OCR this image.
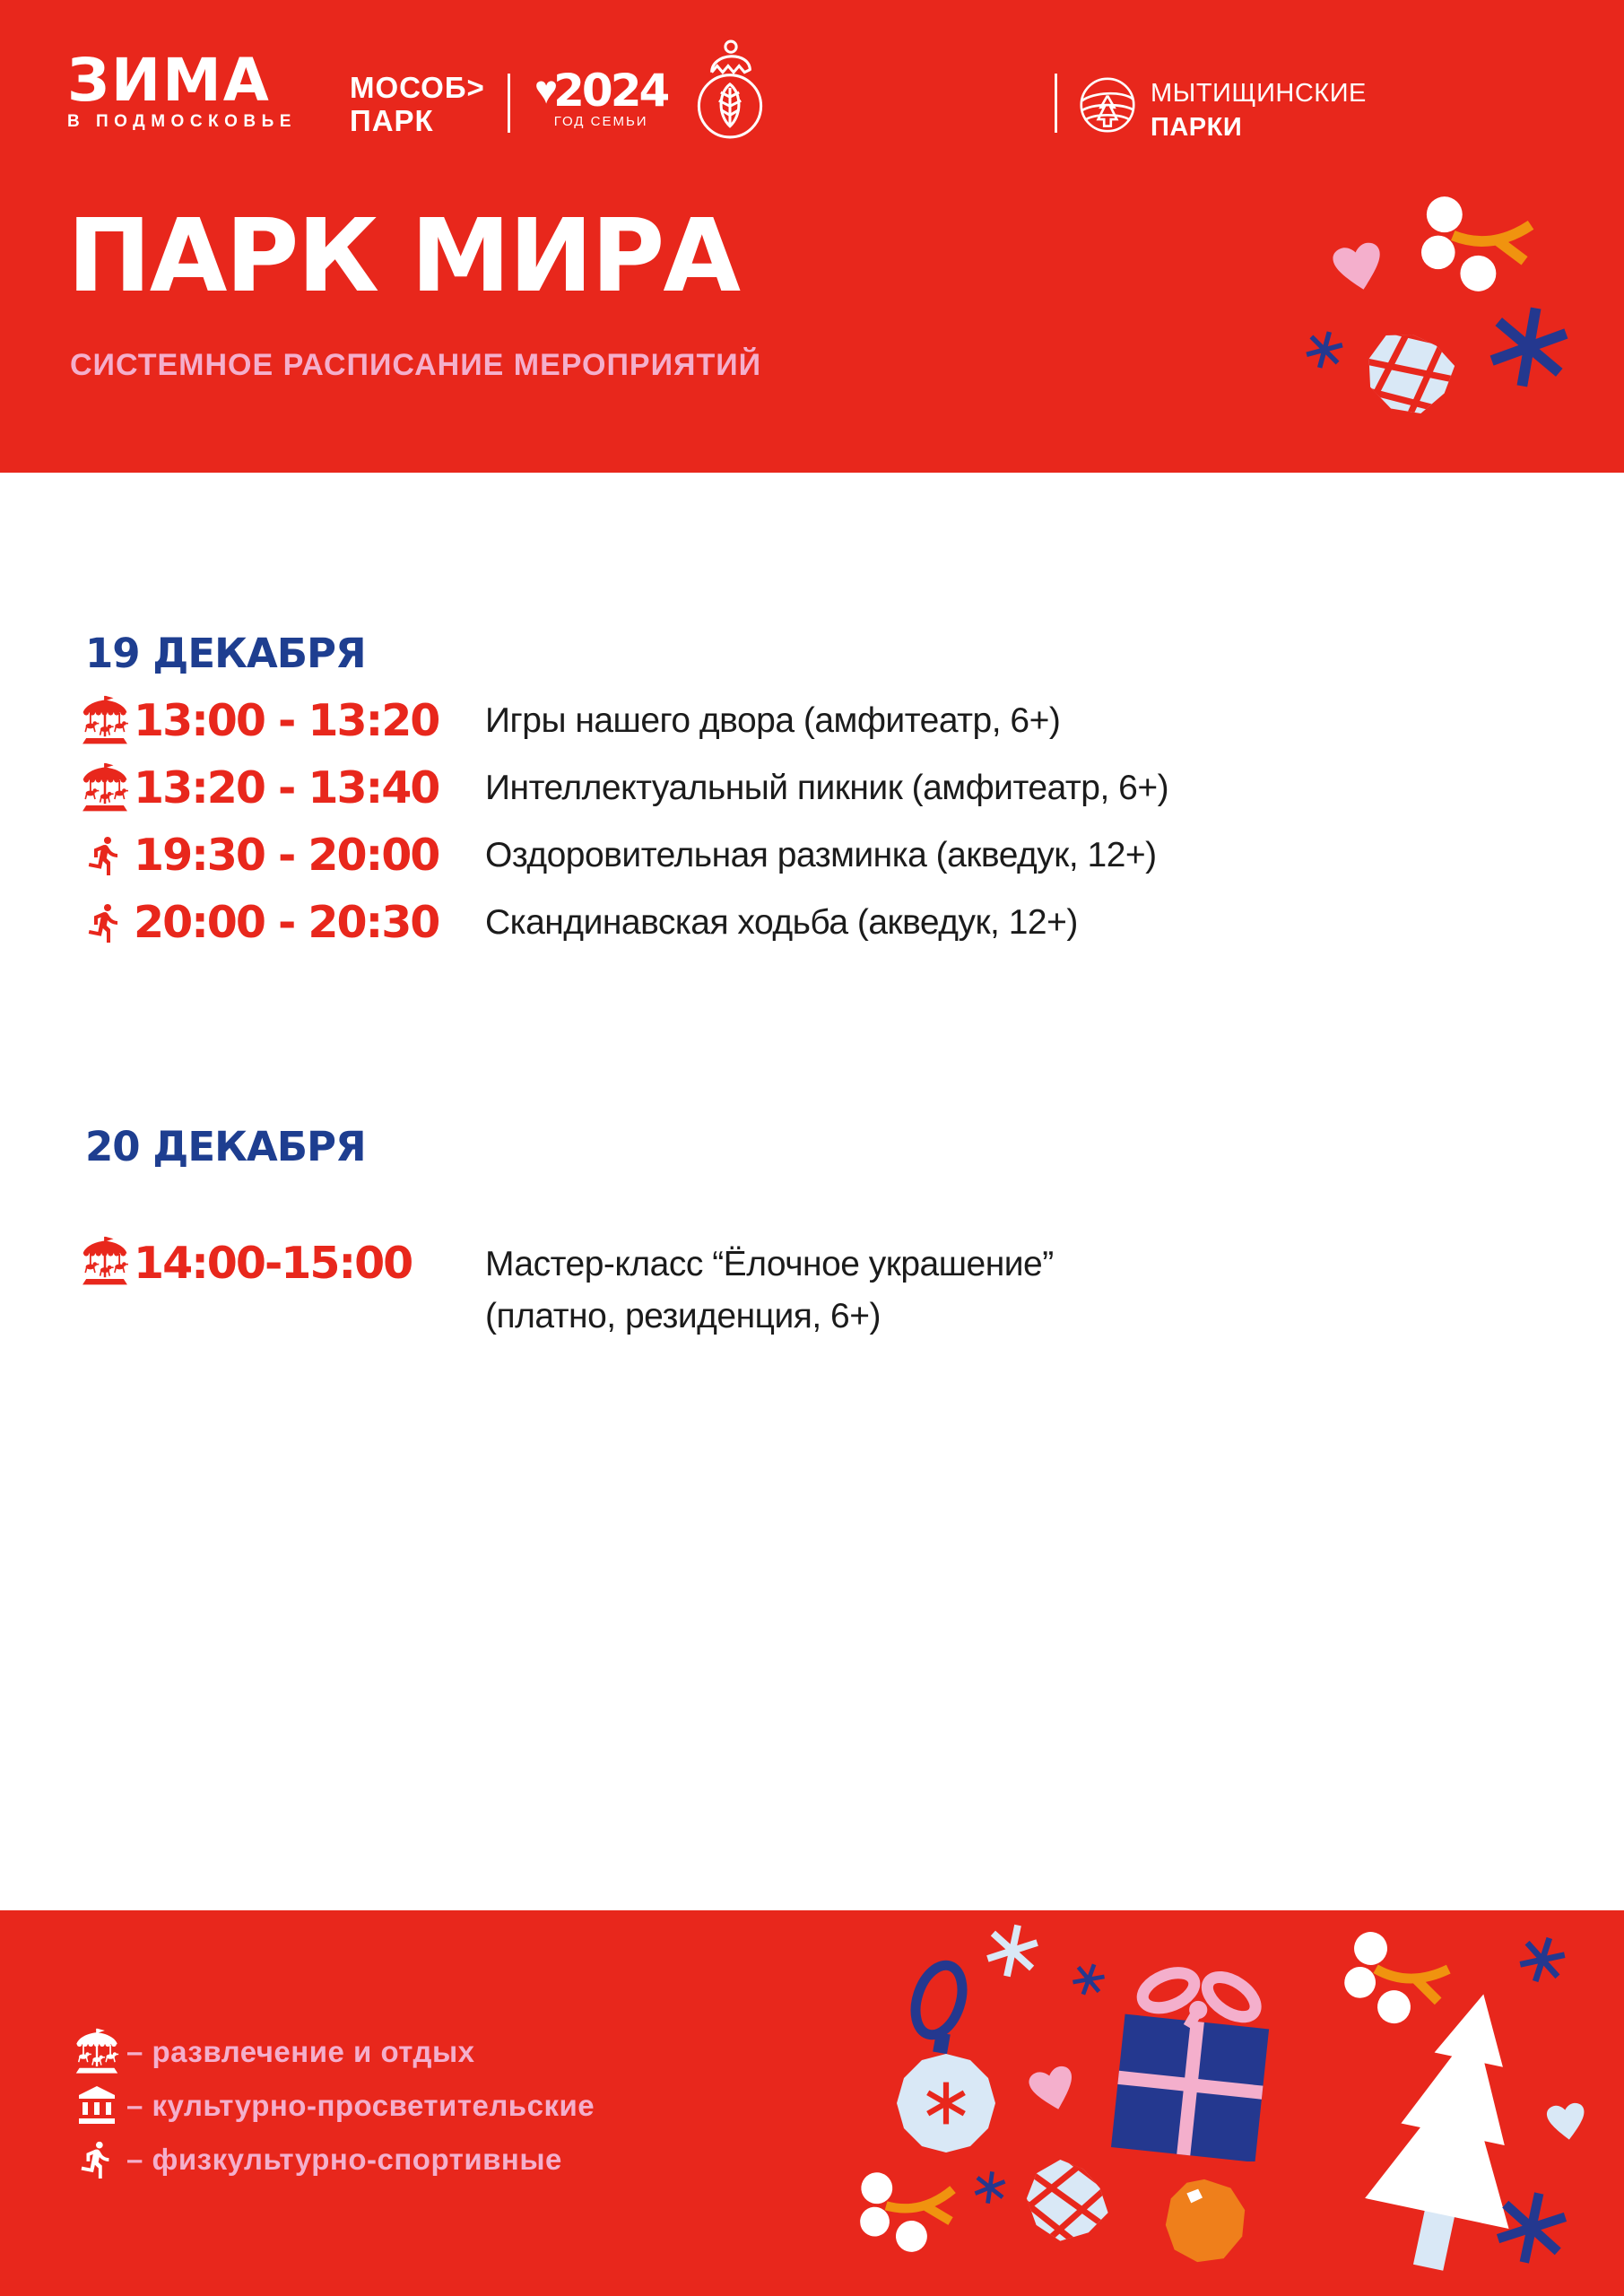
ЗИМА
В ПОДМОСКОВЬЕ
МОСОБ>
ПАРК
♥
2024
ГОД СЕМЬИ
МЫТИЩИНСКИЕ
ПАРКИ
ПАРК МИРА
СИСТЕМНОЕ РАСПИСАНИЕ МЕРОПРИЯТИЙ
19 ДЕКАБРЯ
13:00 - 13:20	Игры нашего двора (амфитеатр, 6+)
13:20 - 13:40	Интеллектуальный пикник (амфитеатр, 6+)
19:30 - 20:00	Оздоровительная разминка (акведук, 12+)
20:00 - 20:30	Скандинавская ходьба (акведук, 12+)
20 ДЕКАБРЯ
14:00-15:00	Мастер-класс “Ёлочное украшение”
(платно, резиденция, 6+)
– развлечение и отдых
– культурно-просветительские
– физкультурно-спортивные
